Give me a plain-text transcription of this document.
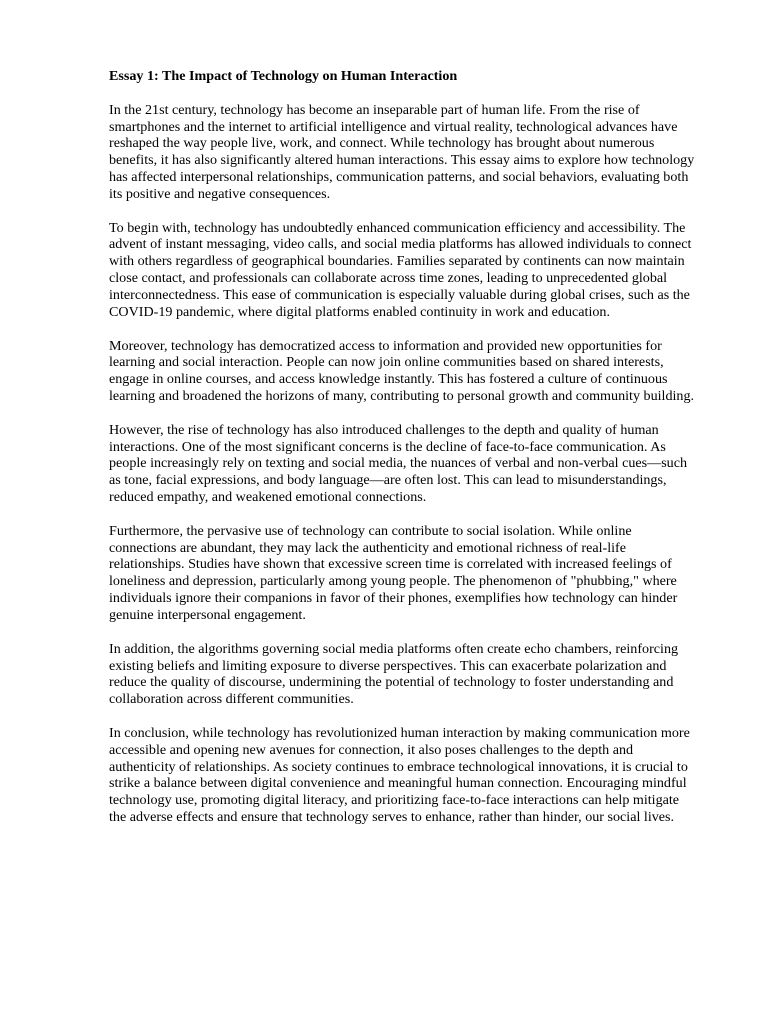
Essay 1: The Impact of Technology on Human Interaction

In the 21st century, technology has become an inseparable part of human life. From the rise of smartphones and the internet to artificial intelligence and virtual reality, technological advances have reshaped the way people live, work, and connect. While technology has brought about numerous benefits, it has also significantly altered human interactions. This essay aims to explore how technology has affected interpersonal relationships, communication patterns, and social behaviors, evaluating both its positive and negative consequences.

To begin with, technology has undoubtedly enhanced communication efficiency and accessibility. The advent of instant messaging, video calls, and social media platforms has allowed individuals to connect with others regardless of geographical boundaries. Families separated by continents can now maintain close contact, and professionals can collaborate across time zones, leading to unprecedented global interconnectedness. This ease of communication is especially valuable during global crises, such as the COVID-19 pandemic, where digital platforms enabled continuity in work and education.

Moreover, technology has democratized access to information and provided new opportunities for learning and social interaction. People can now join online communities based on shared interests, engage in online courses, and access knowledge instantly. This has fostered a culture of continuous learning and broadened the horizons of many, contributing to personal growth and community building.

However, the rise of technology has also introduced challenges to the depth and quality of human interactions. One of the most significant concerns is the decline of face-to-face communication. As people increasingly rely on texting and social media, the nuances of verbal and non-verbal cues—such as tone, facial expressions, and body language—are often lost. This can lead to misunderstandings, reduced empathy, and weakened emotional connections.

Furthermore, the pervasive use of technology can contribute to social isolation. While online connections are abundant, they may lack the authenticity and emotional richness of real-life relationships. Studies have shown that excessive screen time is correlated with increased feelings of loneliness and depression, particularly among young people. The phenomenon of "phubbing," where individuals ignore their companions in favor of their phones, exemplifies how technology can hinder genuine interpersonal engagement.

In addition, the algorithms governing social media platforms often create echo chambers, reinforcing existing beliefs and limiting exposure to diverse perspectives. This can exacerbate polarization and reduce the quality of discourse, undermining the potential of technology to foster understanding and collaboration across different communities.

In conclusion, while technology has revolutionized human interaction by making communication more accessible and opening new avenues for connection, it also poses challenges to the depth and authenticity of relationships. As society continues to embrace technological innovations, it is crucial to strike a balance between digital convenience and meaningful human connection. Encouraging mindful technology use, promoting digital literacy, and prioritizing face-to-face interactions can help mitigate the adverse effects and ensure that technology serves to enhance, rather than hinder, our social lives.
